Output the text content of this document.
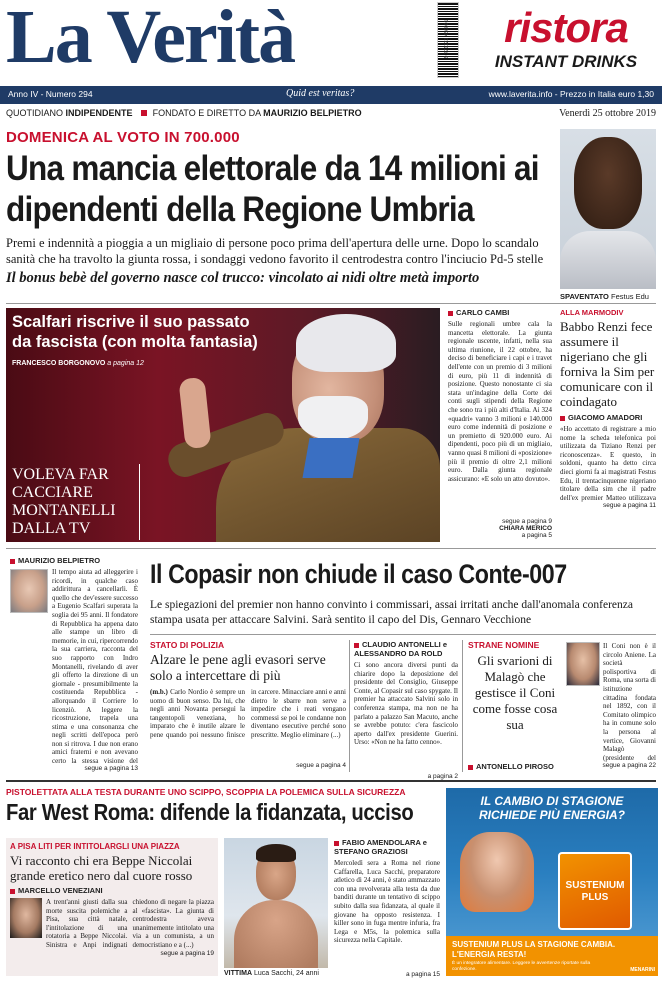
La Verità	9 771123 456001	ristora
INSTANT DRINKS
Anno IV - Numero 294	Quid est veritas?	www.laverita.info - Prezzo in Italia euro 1,30
QUOTIDIANO INDIPENDENTE FONDATO E DIRETTO DA MAURIZIO BELPIETRO	Venerdì 25 ottobre 2019
DOMENICA AL VOTO IN 700.000
Una mancia elettorale da 14 milioni ai dipendenti della Regione Umbria
Premi e indennità a pioggia a un migliaio di persone poco prima dell'apertura delle urne. Dopo lo scandalo sanità che ha travolto la giunta rossa, i sondaggi vedono favorito il centrodestra contro l'inciucio Pd-5 stelle
Il bonus bebè del governo nasce col trucco: vincolato ai nidi oltre metà importo
SPAVENTATO Festus Edu
Scalfari riscrive il suo passato da fascista (con molta fantasia)
FRANCESCO BORGONOVO a pagina 12
VOLEVA FAR CACCIARE MONTANELLI DALLA TV
CARLO CAMBI
Sulle regionali umbre cala la mancetta elettorale. La giunta regionale uscente, infatti, nella sua ultima riunione, il 22 ottobre, ha deciso di beneficiare i capi e i travet dell'ente con un premio di 3 milioni di euro, più 11 di indennità di posizione. Questo nonostante ci sia stata un'indagine della Corte dei conti sugli stipendi della Regione che sono tra i più alti d'Italia. Ai 324 «quadri» vanno 3 milioni e 140.000 euro come indennità di posizione e un premietto di 920.000 euro. Ai dipendenti, poco più di un migliaio, vanno quasi 8 milioni di «posizione» più il premio di oltre 2,1 milioni euro. Dalla giunta regionale assicurano: «E solo un atto dovuto».
segue a pagina 9
CHIARA MERICO
a pagina 5
ALLA MARMODIV
Babbo Renzi fece assumere il nigeriano che gli forniva la Sim per comunicare con il coindagato
GIACOMO AMADORI
«Ho accettato di registrare a mio nome la scheda telefonica poi utilizzata da Tiziano Renzi per riconoscenza». E questo, in soldoni, quanto ha detto circa dieci giorni fa ai magistrati Festus Edu, il trentacinquenne nigeriano titolare della sim che il padre dell'ex premier Matteo utilizzava
segue a pagina 11
MAURIZIO BELPIETRO
Il tempo aiuta ad alleggerire i ricordi, in qualche caso addirittura a cancellarli. È quello che dev'essere successo a Eugenio Scalfari superata la soglia dei 95 anni. Il fondatore di Repubblica ha appena dato alle stampe un libro di memorie, in cui, ripercorrendo la sua carriera, racconta del suo rapporto con Indro Montanelli, rivelando di aver gli offerto la direzione di un giornale - presumibilmente la costituenda Repubblica - allorquando il Corriere lo licenziò. A leggere la ricostruzione, trapela una stima e una consonanza che negli scritti dell'epoca però non si ritrova. I due non erano amici fraterni e non avevano certo la stessa visione del
segue a pagina 13
Il Copasir non chiude il caso Conte-007
Le spiegazioni del premier non hanno convinto i commissari, assai irritati anche dall'anomala conferenza stampa usata per attaccare Salvini. Sarà sentito il capo del Dis, Gennaro Vecchione
STATO DI POLIZIA
Alzare le pene agli evasori serve solo a intercettare di più
(m.b.) Carlo Nordio è sempre un uomo di buon senso. Da lui, che negli anni Novanta perseguì la tangentopoli veneziana, ho imparato che è inutile alzare le pene quando poi nessuno finisce in carcere. Minacciare anni e anni dietro le sbarre non serve a impedire che i reati vengano commessi se poi le condanne non diventano esecutive perché sono prescritte. Meglio eliminare (...)
segue a pagina 4
CLAUDIO ANTONELLI e ALESSANDRO DA ROLD
Ci sono ancora diversi punti da chiarire dopo la deposizione del presidente del Consiglio, Giuseppe Conte, al Copasir sul caso spygate. Il premier ha attaccato Salvini solo in conferenza stampa, ma non ne ha parlato a palazzo San Macuto, anche se avrebbe potuto: c'era fascicolo aperto dall'ex presidente Guerini. Urso: «Non ne ha fatto cenno».
a pagina 2
STRANE NOMINE
Gli svarioni di Malagò che gestisce il Coni come fosse cosa sua
Il Coni non è il circolo Aniene. La società polisportiva di Roma, una sorta di istituzione cittadina fondata nel 1892, con il Comitato olimpico ha in comune solo la persona al vertice, Giovanni Malagò (presidente del
ANTONELLO PIROSO	segue a pagina 22
PISTOLETTATA ALLA TESTA DURANTE UNO SCIPPO, SCOPPIA LA POLEMICA SULLA SICUREZZA
Far West Roma: difende la fidanzata, ucciso
A PISA LITI PER INTITOLARGLI UNA PIAZZA
Vi racconto chi era Beppe Niccolai grande eretico nero dal cuore rosso
MARCELLO VENEZIANI
A trent'anni giusti dalla sua morte suscita polemiche a Pisa, sua città natale, l'intitolazione di una rotatoria a Beppe Niccolai. Sinistra e Anpi indignati chiedono di negare la piazza al «fascista». La giunta di centrodestra aveva unanimemente intitolato una via a un comunista, a un democristiano e a (...)
segue a pagina 19
VITTIMA Luca Sacchi, 24 anni
FABIO AMENDOLARA e STEFANO GRAZIOSI
Mercoledì sera a Roma nel rione Caffarella, Luca Sacchi, preparatore atletico di 24 anni, è stato ammazzato con una revolverata alla testa da due banditi durante un tentativo di scippo subito dalla sua fidanzata, al quale il giovane ha opposto resistenza. I killer sono in fuga mentre infuria, fra Lega e M5s, la polemica sulla sicurezza nella Capitale.
a pagina 15
IL CAMBIO DI STAGIONE RICHIEDE PIÙ ENERGIA?
SUSTENIUM PLUS
SUSTENIUM PLUS LA STAGIONE CAMBIA. L'ENERGIA RESTA!
È un integratore alimentare. Leggere le avvertenze riportate sulla confezione.	MENARINI
